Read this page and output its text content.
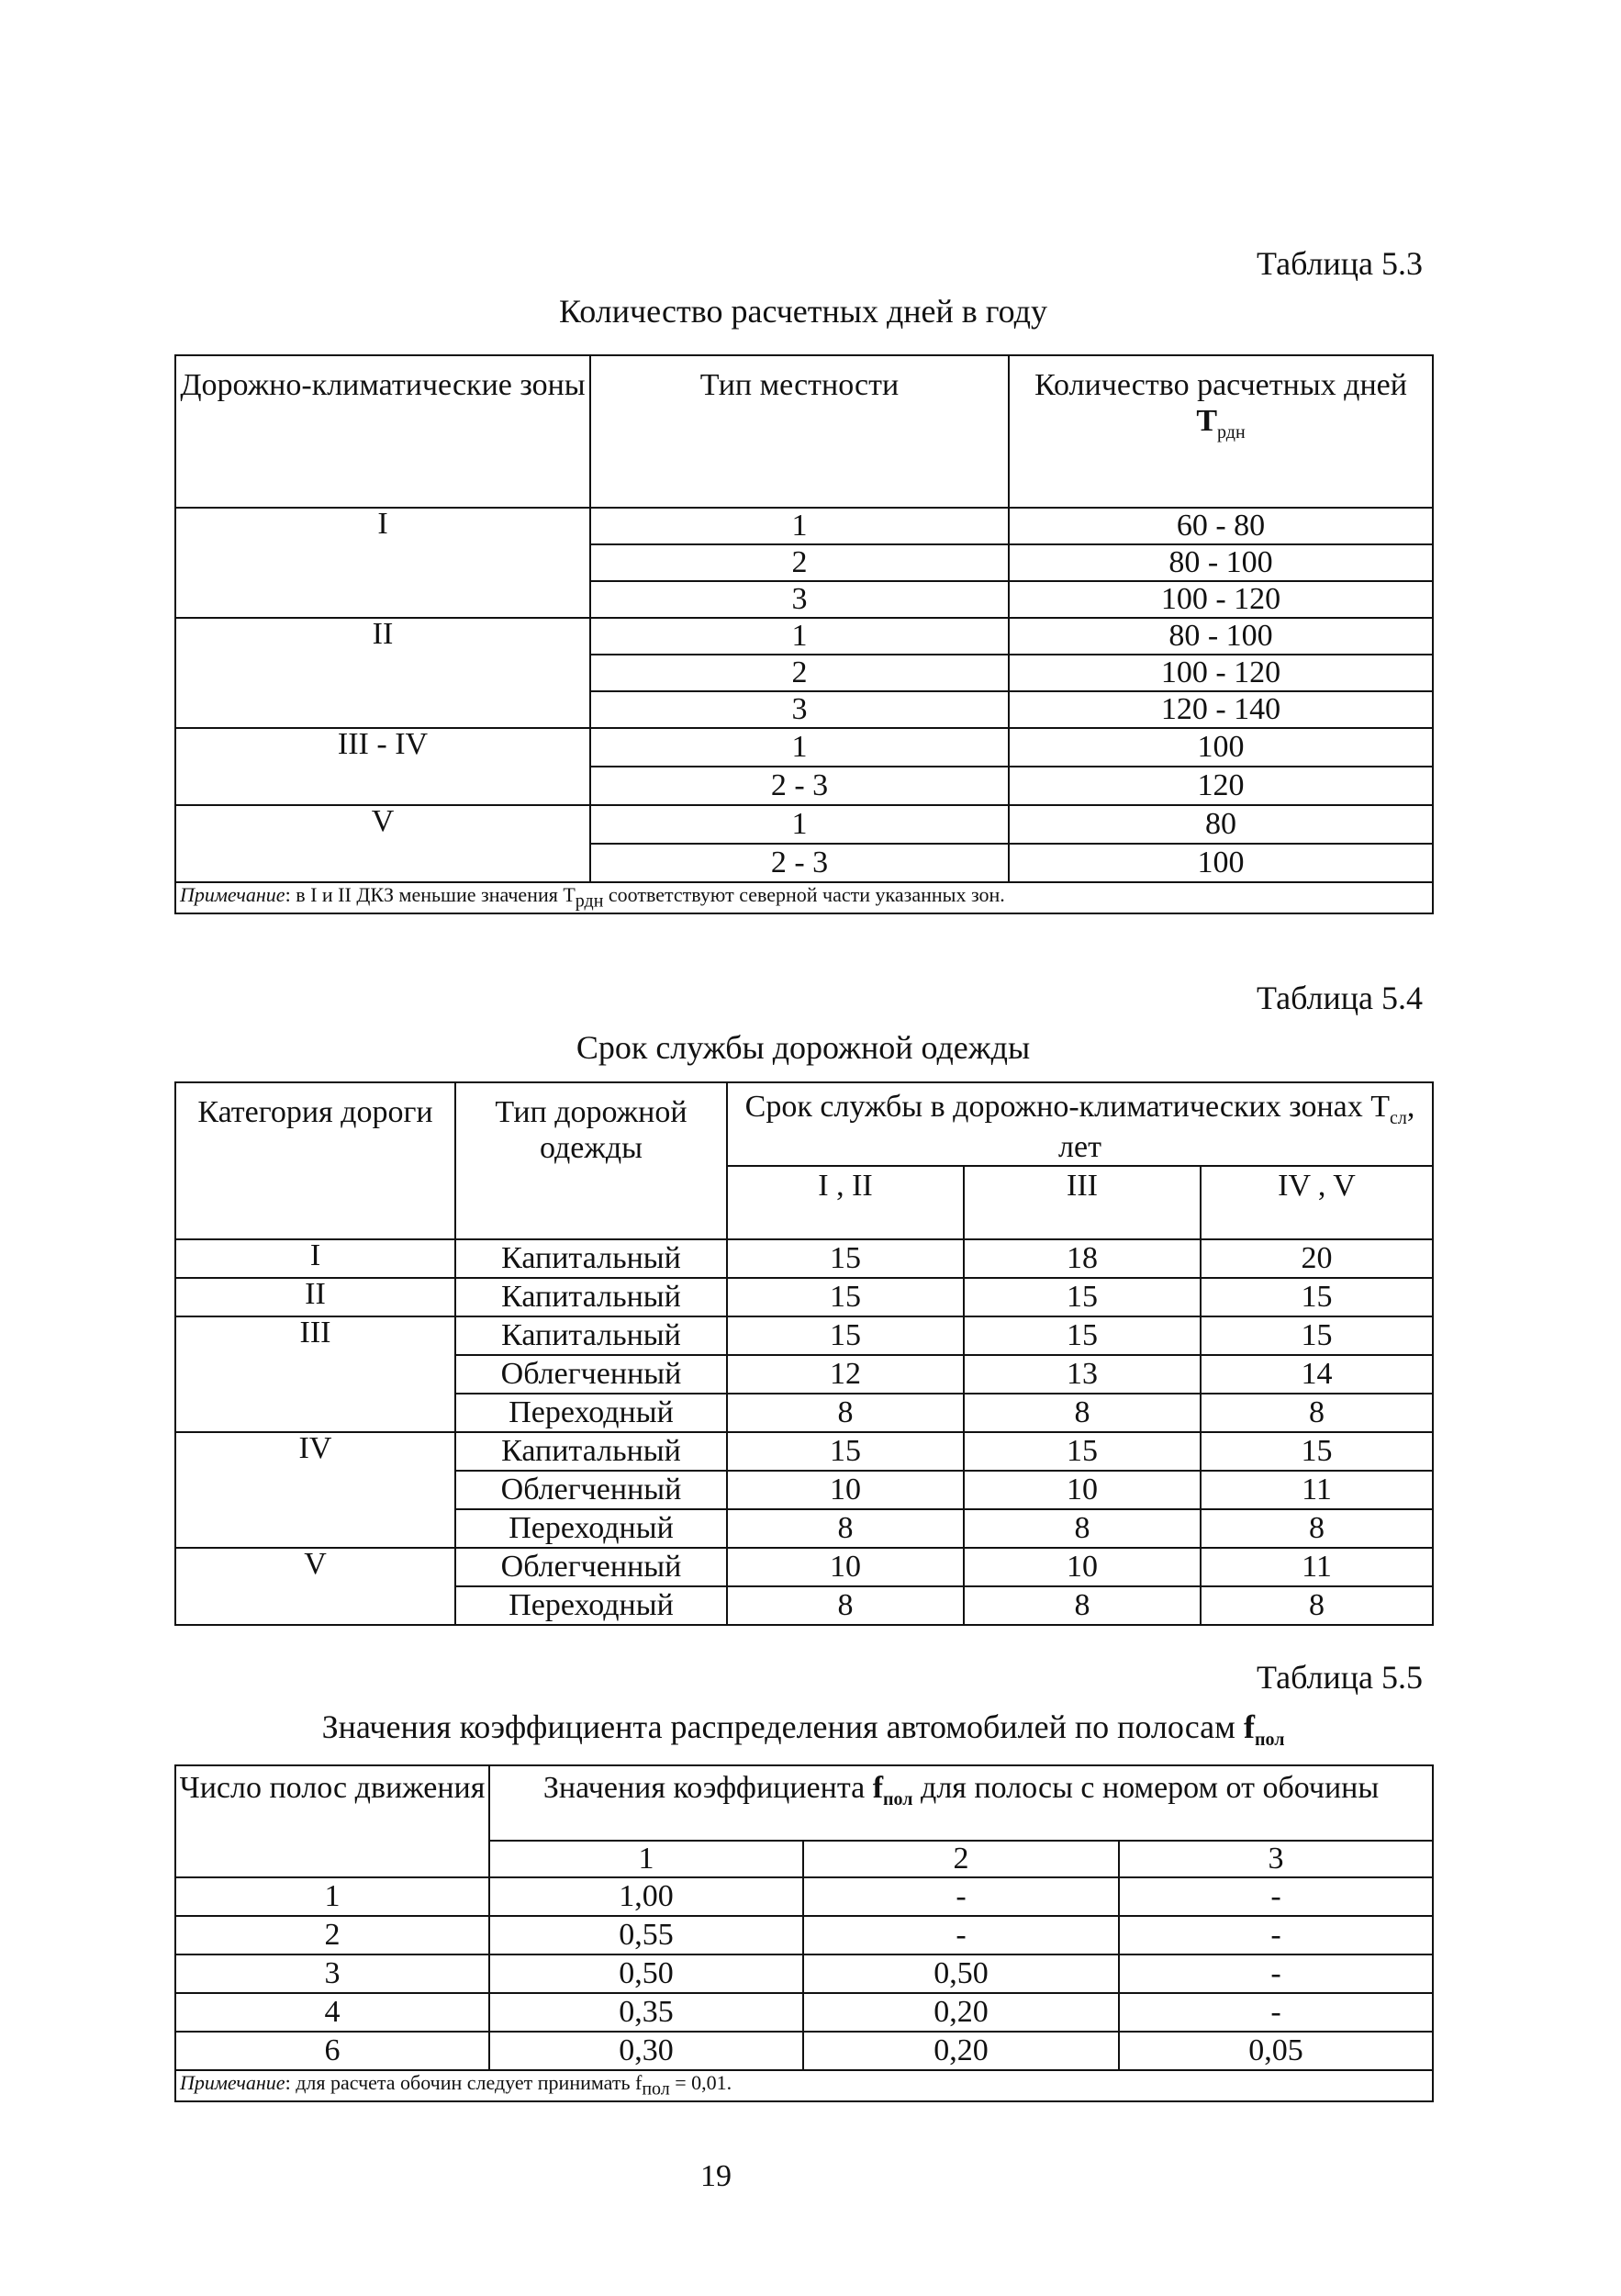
Таблица 5.3
Количество расчетных дней в году
Дорожно-климатические зоны	Тип местности	Количество расчетных дней $T_{рдн}$
I	1	60 - 80
	2	80 - 100
	3	100 - 120
II	1	80 - 100
	2	100 - 120
	3	120 - 140
III - IV	1	100
	2 - 3	120
V	1	80
	2 - 3	100
Примечание: в I и II ДКЗ меньшие значения $T_{рдн}$ соответствуют северной части указанных зон.		
Таблица 5.4
Срок службы дорожной одежды
Категория дороги	Тип дорожной одежды	Срок службы в дорожно-климатических зонах $T_{сл}$, лет		
		I , II	III	IV , V
I	Капитальный	15	18	20
II	Капитальный	15	15	15
III	Капитальный	15	15	15
	Облегченный	12	13	14
	Переходный	8	8	8
IV	Капитальный	15	15	15
	Облегченный	10	10	11
	Переходный	8	8	8
V	Облегченный	10	10	11
	Переходный	8	8	8
Таблица 5.5
Значения коэффициента распределения автомобилей по полосам $f_{пол}$
Число полос движения	Значения коэффициента $f_{пол}$ для полосы с номером от обочины		
	1	2	3
1	1,00	-	-
2	0,55	-	-
3	0,50	0,50	-
4	0,35	0,20	-
6	0,30	0,20	0,05
Примечание: для расчета обочин следует принимать $f_{пол} = 0,01$.			
19
